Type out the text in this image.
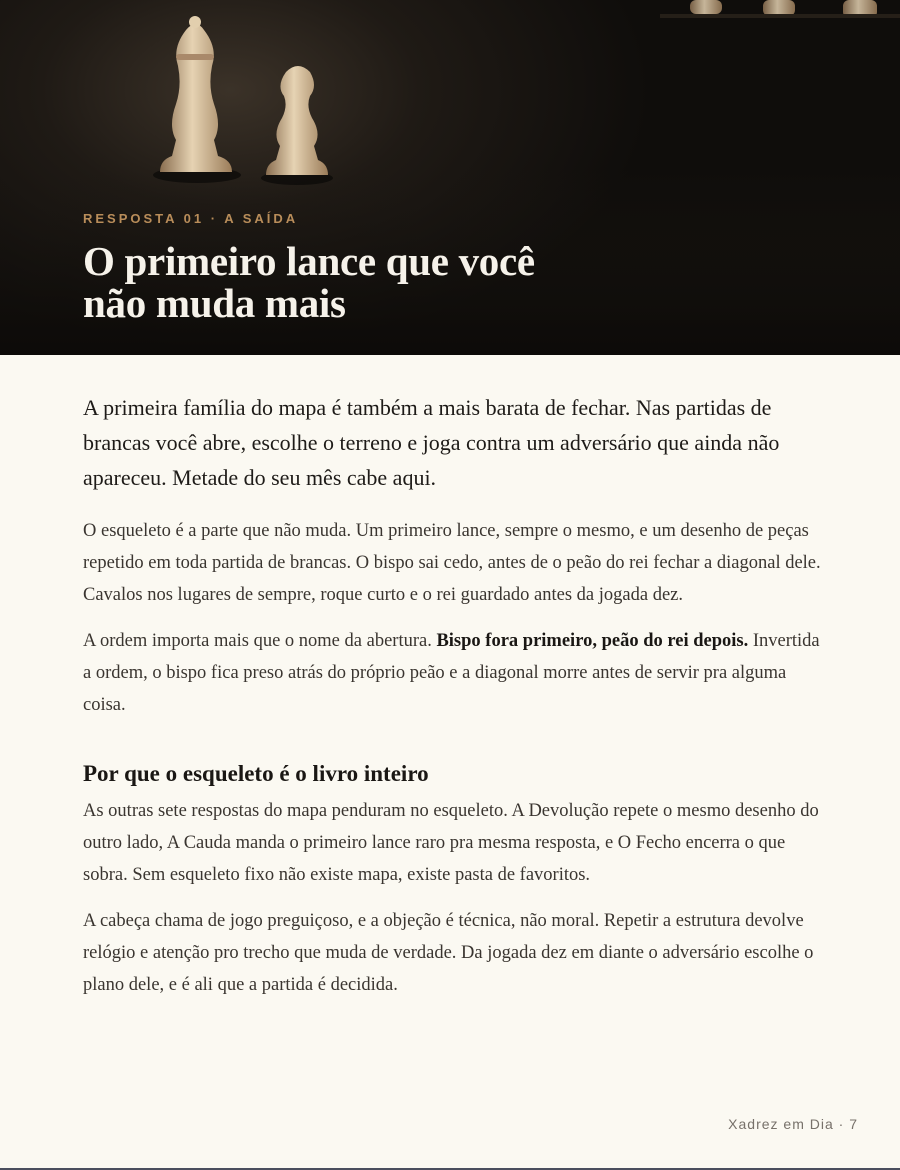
RESPOSTA 01 · A SAÍDA
O primeiro lance que você não muda mais

A primeira família do mapa é também a mais barata de fechar. Nas partidas de brancas você abre, escolhe o terreno e joga contra um adversário que ainda não apareceu. Metade do seu mês cabe aqui.

O esqueleto é a parte que não muda. Um primeiro lance, sempre o mesmo, e um desenho de peças repetido em toda partida de brancas. O bispo sai cedo, antes de o peão do rei fechar a diagonal dele. Cavalos nos lugares de sempre, roque curto e o rei guardado antes da jogada dez.

A ordem importa mais que o nome da abertura. Bispo fora primeiro, peão do rei depois. Invertida a ordem, o bispo fica preso atrás do próprio peão e a diagonal morre antes de servir pra alguma coisa.

Por que o esqueleto é o livro inteiro

As outras sete respostas do mapa penduram no esqueleto. A Devolução repete o mesmo desenho do outro lado, A Cauda manda o primeiro lance raro pra mesma resposta, e O Fecho encerra o que sobra. Sem esqueleto fixo não existe mapa, existe pasta de favoritos.

A cabeça chama de jogo preguiçoso, e a objeção é técnica, não moral. Repetir a estrutura devolve relógio e atenção pro trecho que muda de verdade. Da jogada dez em diante o adversário escolhe o plano dele, e é ali que a partida é decidida.

Xadrez em Dia · 7
